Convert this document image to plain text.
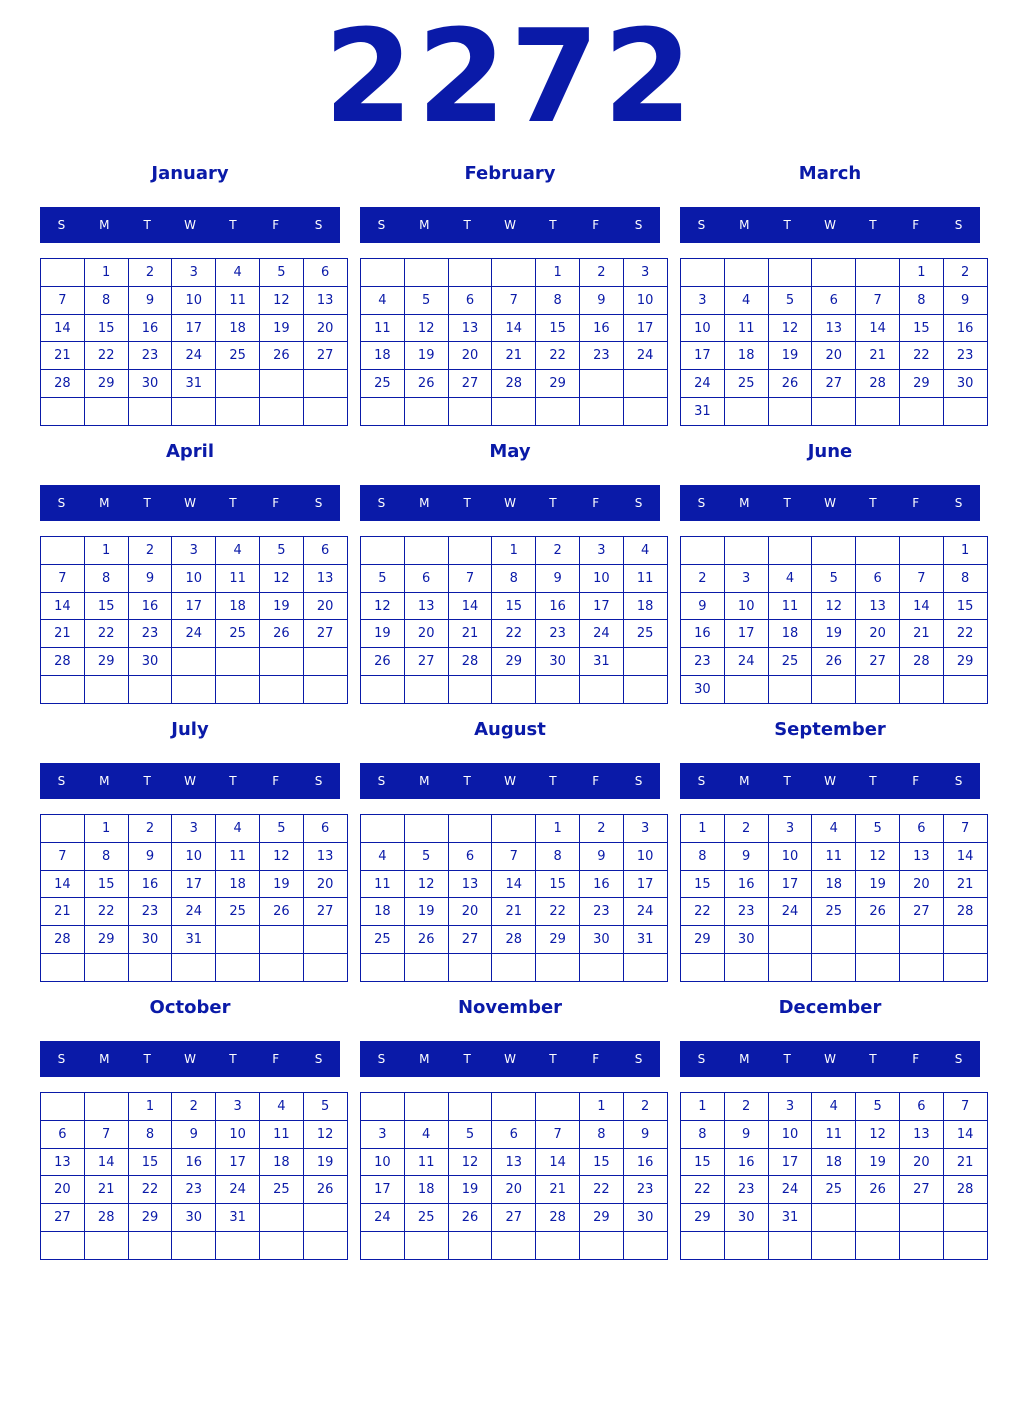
2272
January
S	M	T	W	T	F	S
	1	2	3	4	5	6
7	8	9	10	11	12	13
14	15	16	17	18	19	20
21	22	23	24	25	26	27
28	29	30	31			

February
S	M	T	W	T	F	S
				1	2	3
4	5	6	7	8	9	10
11	12	13	14	15	16	17
18	19	20	21	22	23	24
25	26	27	28	29		

March
S	M	T	W	T	F	S
					1	2
3	4	5	6	7	8	9
10	11	12	13	14	15	16
17	18	19	20	21	22	23
24	25	26	27	28	29	30
31						
April
S	M	T	W	T	F	S
	1	2	3	4	5	6
7	8	9	10	11	12	13
14	15	16	17	18	19	20
21	22	23	24	25	26	27
28	29	30				

May
S	M	T	W	T	F	S
			1	2	3	4
5	6	7	8	9	10	11
12	13	14	15	16	17	18
19	20	21	22	23	24	25
26	27	28	29	30	31	

June
S	M	T	W	T	F	S
						1
2	3	4	5	6	7	8
9	10	11	12	13	14	15
16	17	18	19	20	21	22
23	24	25	26	27	28	29
30						
July
S	M	T	W	T	F	S
	1	2	3	4	5	6
7	8	9	10	11	12	13
14	15	16	17	18	19	20
21	22	23	24	25	26	27
28	29	30	31			

August
S	M	T	W	T	F	S
				1	2	3
4	5	6	7	8	9	10
11	12	13	14	15	16	17
18	19	20	21	22	23	24
25	26	27	28	29	30	31

September
S	M	T	W	T	F	S
1	2	3	4	5	6	7
8	9	10	11	12	13	14
15	16	17	18	19	20	21
22	23	24	25	26	27	28
29	30					

October
S	M	T	W	T	F	S
		1	2	3	4	5
6	7	8	9	10	11	12
13	14	15	16	17	18	19
20	21	22	23	24	25	26
27	28	29	30	31		

November
S	M	T	W	T	F	S
					1	2
3	4	5	6	7	8	9
10	11	12	13	14	15	16
17	18	19	20	21	22	23
24	25	26	27	28	29	30

December
S	M	T	W	T	F	S
1	2	3	4	5	6	7
8	9	10	11	12	13	14
15	16	17	18	19	20	21
22	23	24	25	26	27	28
29	30	31				
